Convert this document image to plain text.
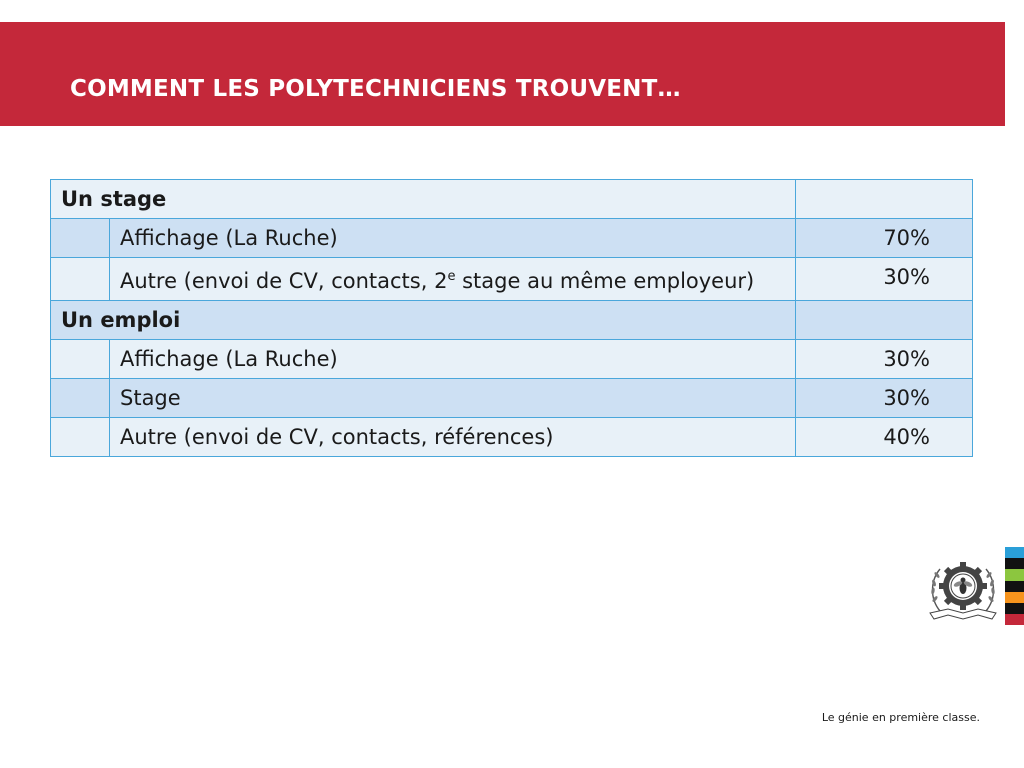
COMMENT LES POLYTECHNICIENS TROUVENT…
Un stage		
	Affichage (La Ruche)	70%
	Autre (envoi de CV, contacts, 2e stage au même employeur)	30%
Un emploi		
	Affichage (La Ruche)	30%
	Stage	30%
	Autre (envoi de CV, contacts, références)	40%
Le génie en première classe.
